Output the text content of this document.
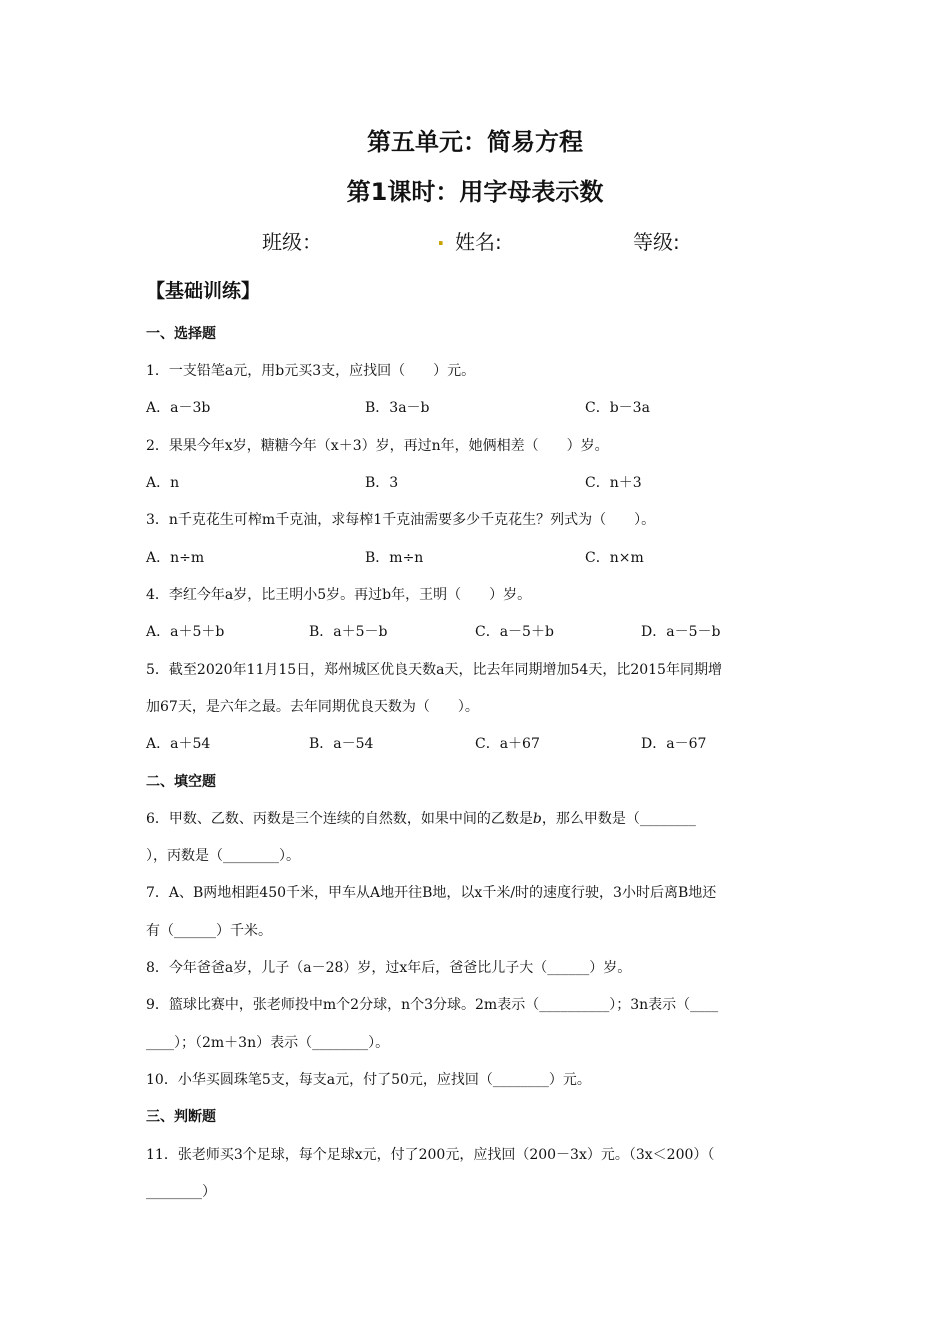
第五单元：简易方程
第1课时：用字母表示数
班级：	. 姓名:	等级:
【基础训练】
一、选择题
1．一支铅笔a元，用b元买3支，应找回（　　）元。
A．a－3b	B．3a－b	C．b－3a
2．果果今年x岁，糖糖今年（x＋3）岁，再过n年，她俩相差（　　）岁。
A．n	B．3	C．n＋3
3．n千克花生可榨m千克油，求每榨1千克油需要多少千克花生？列式为（　　）。
A．n÷m	B．m÷n	C．n×m
4．李红今年a岁，比王明小5岁。再过b年，王明（　　）岁。
A．a＋5＋b	B．a＋5－b	C．a－5＋b	D．a－5－b
5．截至2020年11月15日，郑州城区优良天数a天，比去年同期增加54天，比2015年同期增
加67天，是六年之最。去年同期优良天数为（　　）。
A．a＋54	B．a－54	C．a＋67	D．a－67
二、填空题
6．甲数、乙数、丙数是三个连续的自然数，如果中间的乙数是𝑏，那么甲数是（________
），丙数是（________）。
7．A、B两地相距450千米，甲车从A地开往B地，以x千米/时的速度行驶，3小时后离B地还
有（______）千米。
8．今年爸爸a岁，儿子（a－28）岁，过x年后，爸爸比儿子大（______）岁。
9．篮球比赛中，张老师投中m个2分球，n个3分球。2m表示（__________）；3n表示（____
____）；（2m＋3n）表示（________）。
10．小华买圆珠笔5支，每支a元，付了50元，应找回（________）元。
三、判断题
11．张老师买3个足球，每个足球x元，付了200元，应找回（200－3x）元。（3x＜200）（
________）
